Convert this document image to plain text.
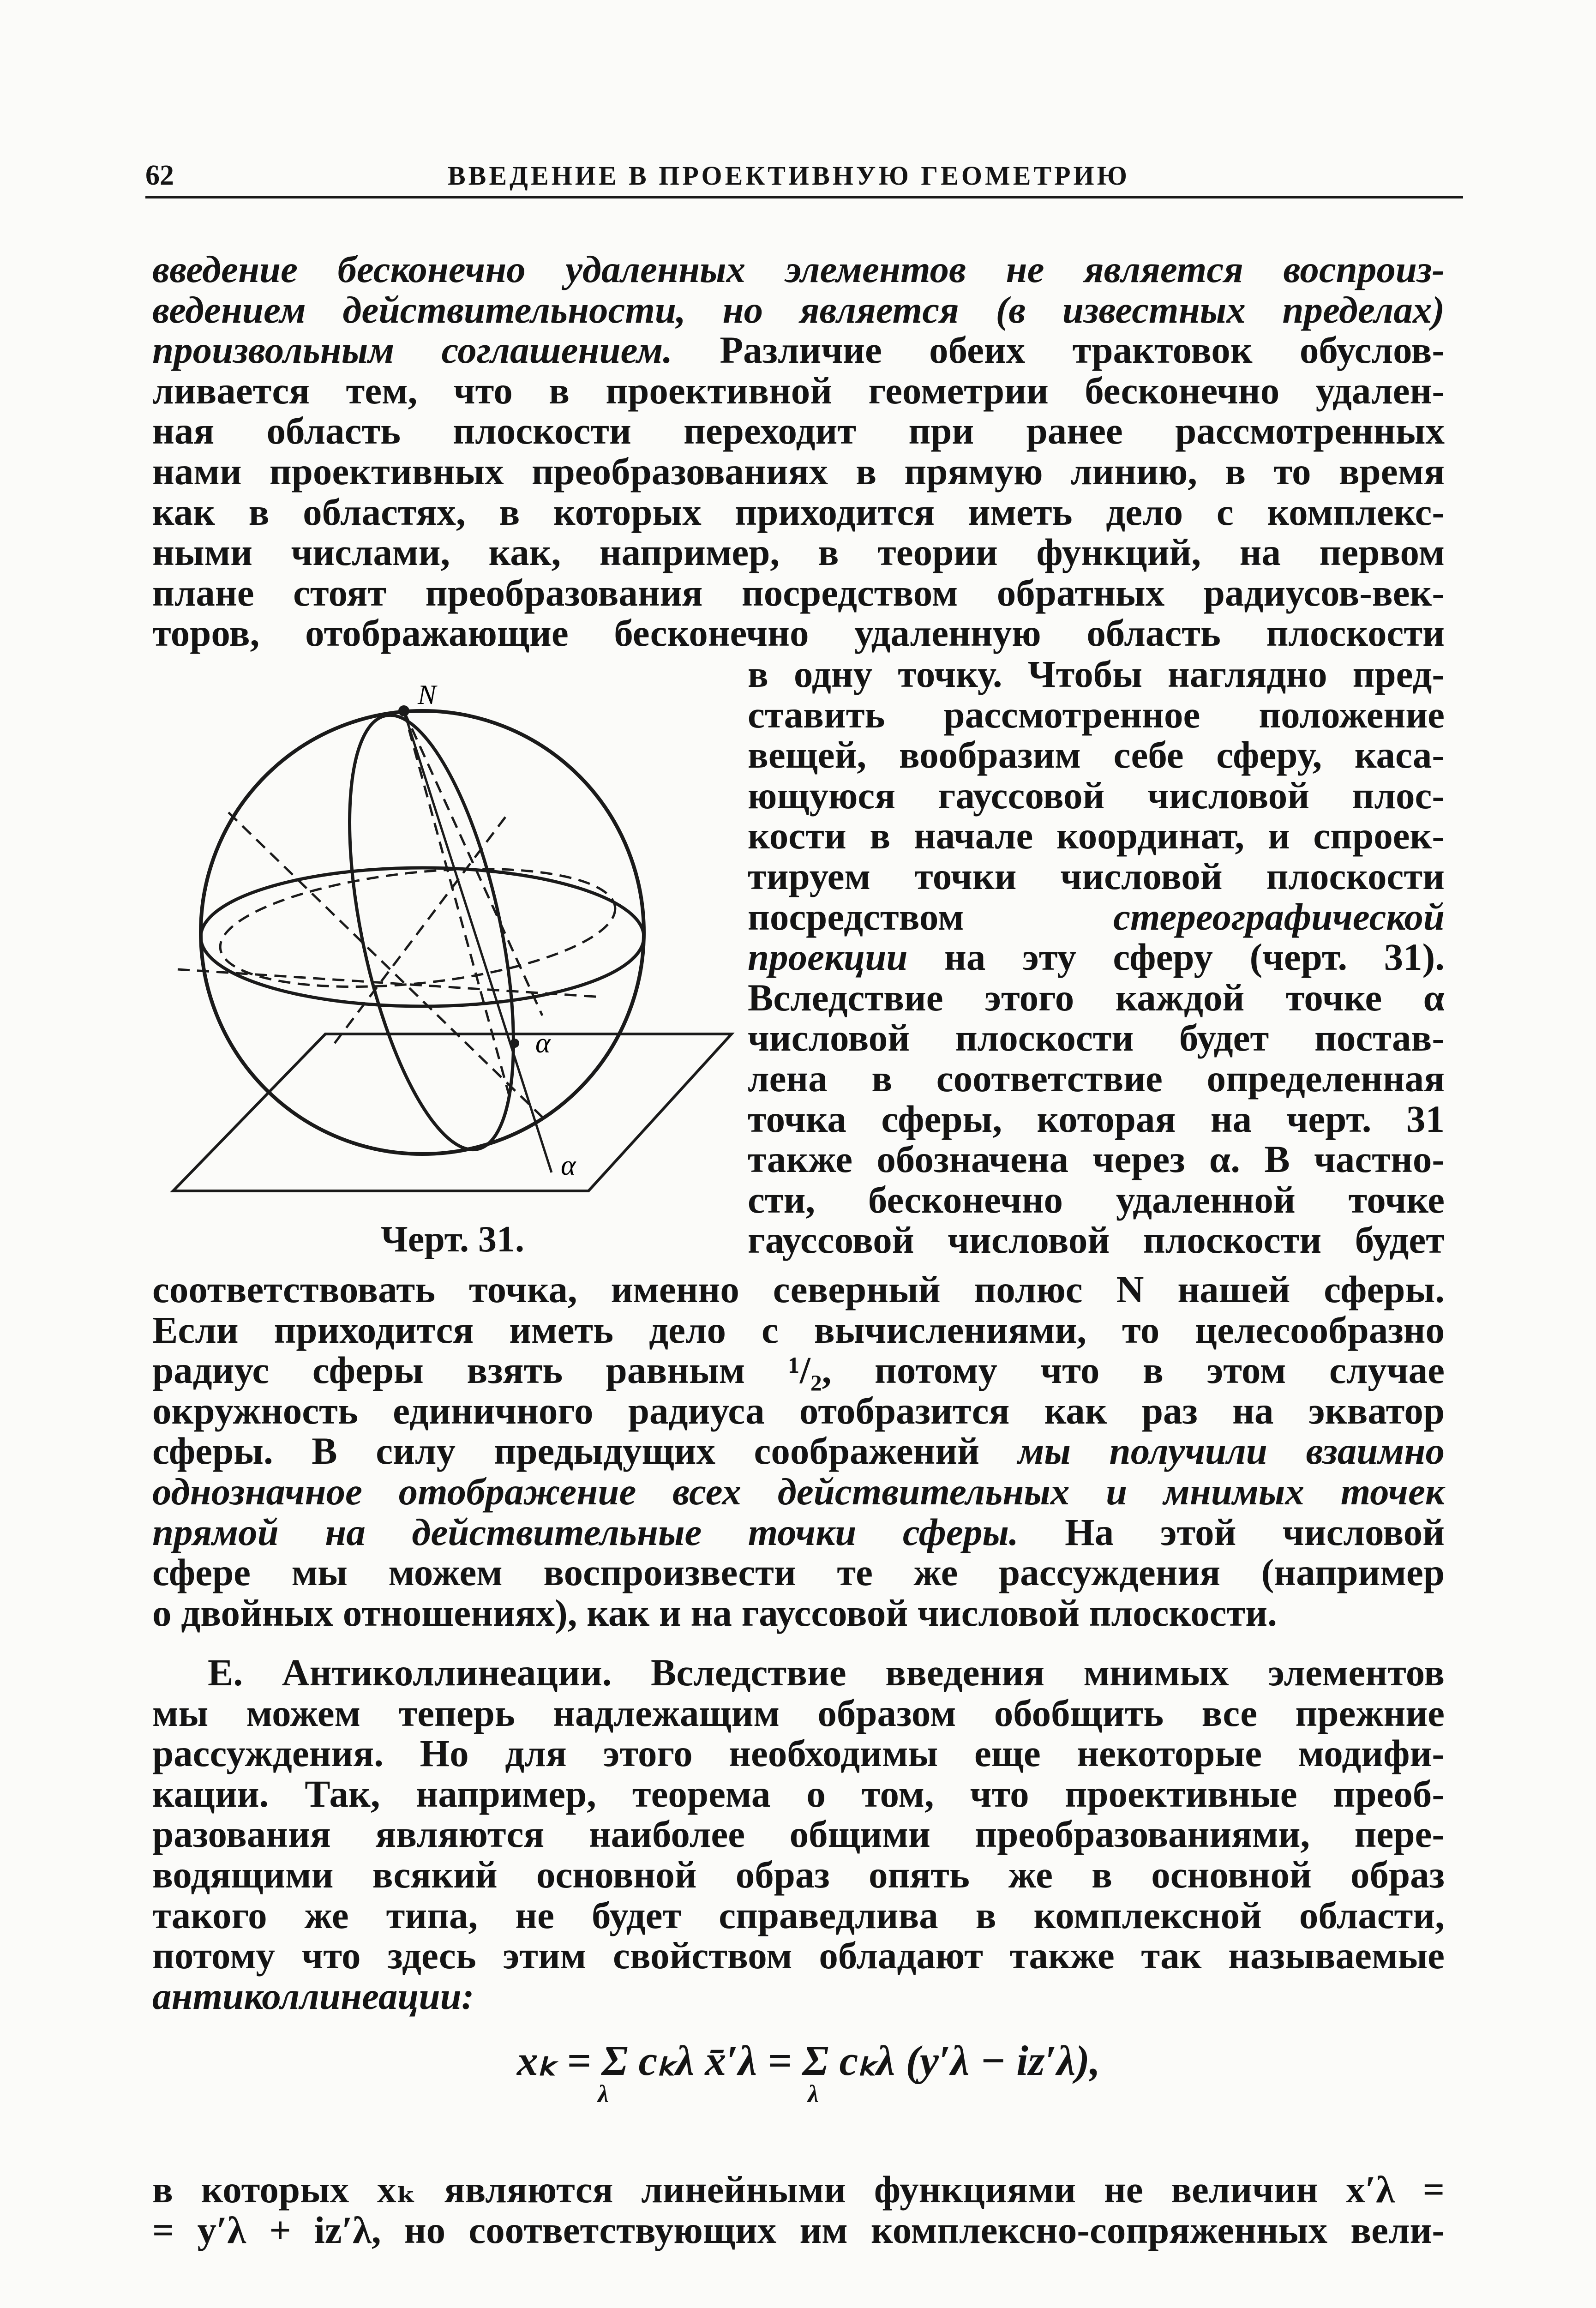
62	ВВЕДЕНИЕ В ПРОЕКТИВНУЮ ГЕОМЕТРИЮ
введение бесконечно удаленных элементов не является воспроиз-
ведением действительности, но является (в известных пределах)
произвольным соглашением. Различие обеих трактовок обуслов-
ливается тем, что в проективной геометрии бесконечно удален-
ная область плоскости переходит при ранее рассмотренных
нами проективных преобразованиях в прямую линию, в то время
как в областях, в которых приходится иметь дело с комплекс-
ными числами, как, например, в теории функций, на первом
плане стоят преобразования посредством обратных радиусов-век-
торов, отображающие бесконечно удаленную область плоскости
в одну точку. Чтобы наглядно пред-
ставить рассмотренное положение
вещей, вообразим себе сферу, каса-
ющуюся гауссовой числовой плос-
кости в начале координат, и спроек-
тируем точки числовой плоскости
посредством	стереографической
проекции на эту сферу (черт. 31).
Вследствие этого каждой точке α
числовой плоскости будет постав-
лена в соответствие определенная
точка сферы, которая на черт. 31
также обозначена через α. В частно-
сти, бесконечно удаленной точке
гауссовой числовой плоскости будет
N
α
α
Черт. 31.
соответствовать точка, именно северный полюс N нашей сферы.
Если приходится иметь дело с вычислениями, то целесообразно
радиус сферы взять равным ¹/₂, потому что в этом случае
окружность единичного радиуса отобразится как раз на экватор
сферы. В силу предыдущих соображений мы получили взаимно
однозначное отображение всех действительных и мнимых точек
прямой на действительные точки сферы. На этой числовой
сфере мы можем воспроизвести те же рассуждения (например
о двойных отношениях), как и на гауссовой числовой плоскости.
E. Антиколлинеации. Вследствие введения мнимых элементов
мы можем теперь надлежащим образом обобщить все прежние
рассуждения. Но для этого необходимы еще некоторые модифи-
кации. Так, например, теорема о том, что проективные преоб-
разования являются наиболее общими преобразованиями, пере-
водящими всякий основной образ опять же в основной образ
такого же типа, не будет справедлива в комплексной области,
потому что здесь этим свойством обладают также так называемые
антиколлинеации:
xₖ = Σ cₖλ x̄′λ = Σ cₖλ (y′λ − iz′λ),
λ	λ
в которых xₖ являются линейными функциями не величин x′λ =
= y′λ + iz′λ, но соответствующих им комплексно-сопряженных вели-
